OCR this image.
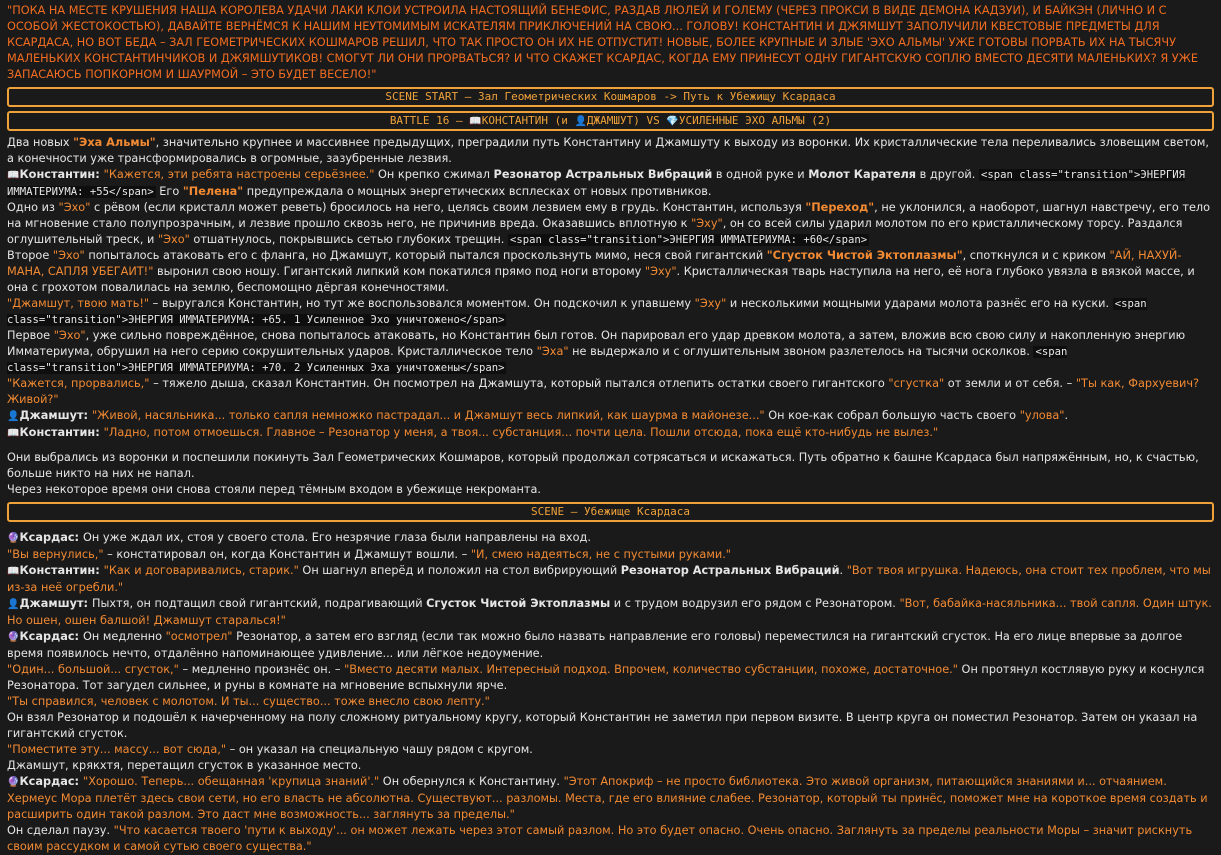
"ПОКА НА МЕСТЕ КРУШЕНИЯ НАША КОРОЛЕВА УДАЧИ ЛАКИ КЛОИ УСТРОИЛА НАСТОЯЩИЙ БЕНЕФИС, РАЗДАВ ЛЮЛЕЙ И ГОЛЕМУ (ЧЕРЕЗ ПРОКСИ В ВИДЕ ДЕМОНА КАДЗУИ), И БАЙКЭН (ЛИЧНО И С ОСОБОЙ ЖЕСТОКОСТЬЮ), ДАВАЙТЕ ВЕРНЁМСЯ К НАШИМ НЕУТОМИМЫМ ИСКАТЕЛЯМ ПРИКЛЮЧЕНИЙ НА СВОЮ... ГОЛОВУ! КОНСТАНТИН И ДЖЯМШУТ ЗАПОЛУЧИЛИ КВЕСТОВЫЕ ПРЕДМЕТЫ ДЛЯ КСАРДАСА, НО ВОТ БЕДА – ЗАЛ ГЕОМЕТРИЧЕСКИХ КОШМАРОВ РЕШИЛ, ЧТО ТАК ПРОСТО ОН ИХ НЕ ОТПУСТИТ! НОВЫЕ, БОЛЕЕ КРУПНЫЕ И ЗЛЫЕ 'ЭХО АЛЬМЫ' УЖЕ ГОТОВЫ ПОРВАТЬ ИХ НА ТЫСЯЧУ МАЛЕНЬКИХ КОНСТАНТИНЧИКОВ И ДЖЯМШУТИКОВ! СМОГУТ ЛИ ОНИ ПРОРВАТЬСЯ? И ЧТО СКАЖЕТ КСАРДАС, КОГДА ЕМУ ПРИНЕСУТ ОДНУ ГИГАНТСКУЮ СОПЛЮ ВМЕСТО ДЕСЯТИ МАЛЕНЬКИХ? Я УЖЕ ЗАПАСАЮСЬ ПОПКОРНОМ И ШАУРМОЙ – ЭТО БУДЕТ ВЕСЕЛО!"
SCENE START – Зал Геометрических Кошмаров -> Путь к Убежищу Ксардаса
BATTLE 16 – 📖КОНСТАНТИН (и 👤ДЖАМШУТ) VS 💎УСИЛЕННЫЕ ЭХО АЛЬМЫ (2)

Два новых "Эха Альмы", значительно крупнее и массивнее предыдущих, преградили путь Константину и Джамшуту к выходу из воронки. Их кристаллические тела переливались зловещим светом, а конечности уже трансформировались в огромные, зазубренные лезвия.

📖Константин: "Кажется, эти ребята настроены серьёзнее." Он крепко сжимал Резонатор Астральных Вибраций в одной руке и Молот Карателя в другой. <span class="transition">ЭНЕРГИЯ ИММАТЕРИУМА: +55</span> Его "Пелена" предупреждала о мощных энергетических всплесках от новых противников.

Одно из "Эхо" с рёвом (если кристалл может реветь) бросилось на него, целясь своим лезвием ему в грудь. Константин, используя "Переход", не уклонился, а наоборот, шагнул навстречу, его тело на мгновение стало полупрозрачным, и лезвие прошло сквозь него, не причинив вреда. Оказавшись вплотную к "Эху", он со всей силы ударил молотом по его кристаллическому торсу. Раздался оглушительный треск, и "Эхо" отшатнулось, покрывшись сетью глубоких трещин. <span class="transition">ЭНЕРГИЯ ИММАТЕРИУМА: +60</span>

Второе "Эхо" попыталось атаковать его с фланга, но Джамшут, который пытался проскользнуть мимо, неся свой гигантский "Сгусток Чистой Эктоплазмы", споткнулся и с криком "АЙ, НАХУЙ-МАНА, САПЛЯ УБЕГАИТ!" выронил свою ношу. Гигантский липкий ком покатился прямо под ноги второму "Эху". Кристаллическая тварь наступила на него, её нога глубоко увязла в вязкой массе, и она с грохотом повалилась на землю, беспомощно дёргая конечностями.

"Джамшут, твою мать!" – выругался Константин, но тут же воспользовался моментом. Он подскочил к упавшему "Эху" и несколькими мощными ударами молота разнёс его на куски. <span class="transition">ЭНЕРГИЯ ИММАТЕРИУМА: +65. 1 Усиленное Эхо уничтожено</span>

Первое "Эхо", уже сильно повреждённое, снова попыталось атаковать, но Константин был готов. Он парировал его удар древком молота, а затем, вложив всю свою силу и накопленную энергию Имматериума, обрушил на него серию сокрушительных ударов. Кристаллическое тело "Эха" не выдержало и с оглушительным звоном разлетелось на тысячи осколков. <span class="transition">ЭНЕРГИЯ ИММАТЕРИУМА: +70. 2 Усиленных Эха уничтожены</span>

"Кажется, прорвались," – тяжело дыша, сказал Константин. Он посмотрел на Джамшута, который пытался отлепить остатки своего гигантского "сгустка" от земли и от себя. – "Ты как, Фархуевич? Живой?"

👤Джамшут: "Живой, насяльника... только сапля немножко пастрадал... и Джамшут весь липкий, как шаурма в майонезе..." Он кое-как собрал большую часть своего "улова".

📖Константин: "Ладно, потом отмоешься. Главное – Резонатор у меня, а твоя... субстанция... почти цела. Пошли отсюда, пока ещё кто-нибудь не вылез."

Они выбрались из воронки и поспешили покинуть Зал Геометрических Кошмаров, который продолжал сотрясаться и искажаться. Путь обратно к башне Ксардаса был напряжённым, но, к счастью, больше никто на них не напал.

Через некоторое время они снова стояли перед тёмным входом в убежище некроманта.

SCENE – Убежище Ксардаса

🔮Ксардас: Он уже ждал их, стоя у своего стола. Его незрячие глаза были направлены на вход.

"Вы вернулись," – констатировал он, когда Константин и Джамшут вошли. – "И, смею надеяться, не с пустыми руками."

📖Константин: "Как и договаривались, старик." Он шагнул вперёд и положил на стол вибрирующий Резонатор Астральных Вибраций. "Вот твоя игрушка. Надеюсь, она стоит тех проблем, что мы из-за неё огребли."

👤Джамшут: Пыхтя, он подтащил свой гигантский, подрагивающий Сгусток Чистой Эктоплазмы и с трудом водрузил его рядом с Резонатором. "Вот, бабайка-насяльника... твой сапля. Один штук. Но ошен, ошен балшой! Джамшут старалься!"

🔮Ксардас: Он медленно "осмотрел" Резонатор, а затем его взгляд (если так можно было назвать направление его головы) переместился на гигантский сгусток. На его лице впервые за долгое время появилось нечто, отдалённо напоминающее удивление... или лёгкое недоумение.

"Один... большой... сгусток," – медленно произнёс он. – "Вместо десяти малых. Интересный подход. Впрочем, количество субстанции, похоже, достаточное." Он протянул костлявую руку и коснулся Резонатора. Тот загудел сильнее, и руны в комнате на мгновение вспыхнули ярче.

"Ты справился, человек с молотом. И ты... существо... тоже внесло свою лепту."

Он взял Резонатор и подошёл к начерченному на полу сложному ритуальному кругу, который Константин не заметил при первом визите. В центр круга он поместил Резонатор. Затем он указал на гигантский сгусток.

"Поместите эту... массу... вот сюда," – он указал на специальную чашу рядом с кругом.

Джамшут, крякхтя, перетащил сгусток в указанное место.

🔮Ксардас: "Хорошо. Теперь... обещанная 'крупица знаний'." Он обернулся к Константину. "Этот Апокриф – не просто библиотека. Это живой организм, питающийся знаниями и... отчаянием. Хермеус Мора плетёт здесь свои сети, но его власть не абсолютна. Существуют... разломы. Места, где его влияние слабее. Резонатор, который ты принёс, поможет мне на короткое время создать и расширить один такой разлом. Это даст мне возможность... заглянуть за пределы."

Он сделал паузу. "Что касается твоего 'пути к выходу'... он может лежать через этот самый разлом. Но это будет опасно. Очень опасно. Заглянуть за пределы реальности Моры – значит рискнуть своим рассудком и самой сутью своего существа."
